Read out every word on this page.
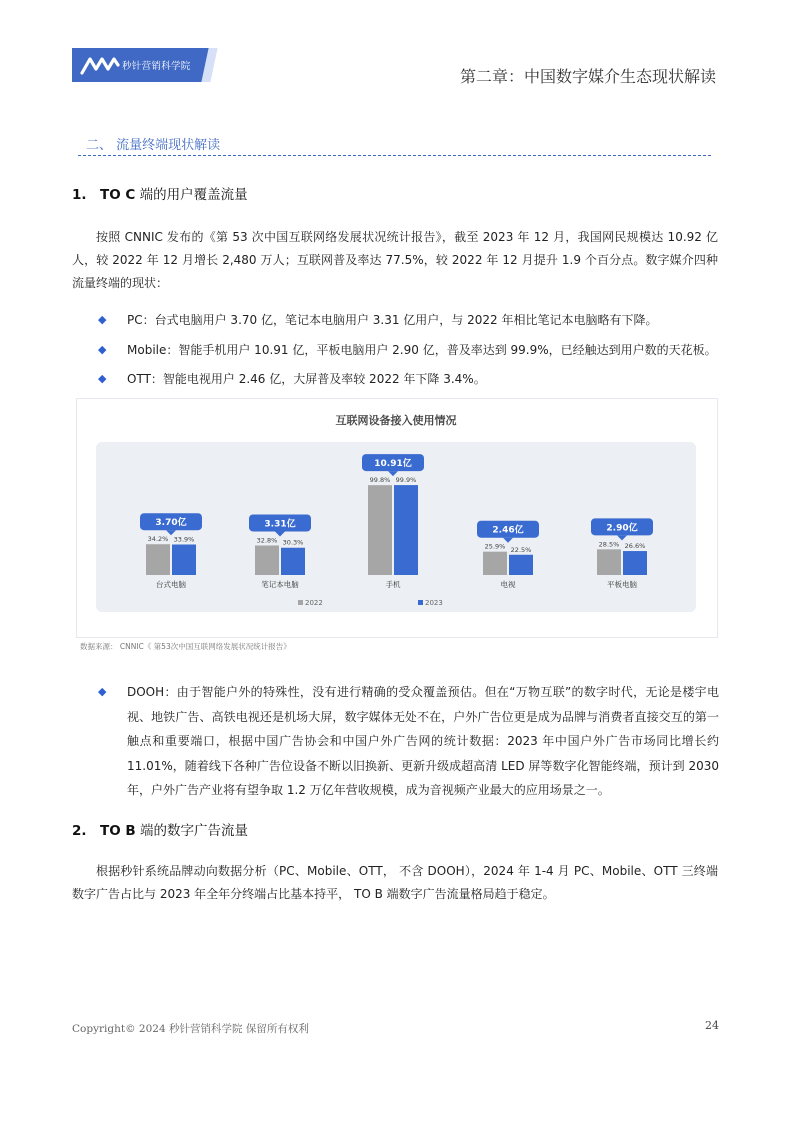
秒针营销科学院
第二章：中国数字媒介生态现状解读
二、 流量终端现状解读
1. TO C 端的用户覆盖流量
按照 CNNIC 发布的《第 53 次中国互联网络发展状况统计报告》，截至 2023 年 12 月，我国网民规模达 10.92 亿人，较 2022 年 12 月增长 2,480 万人；互联网普及率达 77.5%，较 2022 年 12 月提升 1.9 个百分点。数字媒介四种流量终端的现状：
◆ PC：台式电脑用户 3.70 亿，笔记本电脑用户 3.31 亿用户，与 2022 年相比笔记本电脑略有下降。
◆ Mobile：智能手机用户 10.91 亿，平板电脑用户 2.90 亿，普及率达到 99.9%，已经触达到用户数的天花板。
◆ OTT：智能电视用户 2.46 亿，大屏普及率较 2022 年下降 3.4%。
互联网设备接入使用情况
34.2% 33.9%
3.70亿
台式电脑
32.8% 30.3%
3.31亿
笔记本电脑
99.8% 99.9%
10.91亿
手机
25.9% 22.5%
2.46亿
电视
28.5% 26.6%
2.90亿
平板电脑
2022	2023
数据来源： CNNIC《 第53次中国互联网络发展状况统计报告》
◆ DOOH：由于智能户外的特殊性，没有进行精确的受众覆盖预估。但在“万物互联”的数字时代，无论是楼宇电视、地铁广告、高铁电视还是机场大屏，数字媒体无处不在，户外广告位更是成为品牌与消费者直接交互的第一触点和重要端口，根据中国广告协会和中国户外广告网的统计数据：2023 年中国户外广告市场同比增长约 11.01%，随着线下各种广告位设备不断以旧换新、更新升级成超高清 LED 屏等数字化智能终端，预计到 2030 年，户外广告产业将有望争取 1.2 万亿年营收规模，成为音视频产业最大的应用场景之一。
2. TO B 端的数字广告流量
根据秒针系统品牌动向数据分析（PC、Mobile、OTT， 不含 DOOH），2024 年 1-4 月 PC、Mobile、OTT 三终端数字广告占比与 2023 年全年分终端占比基本持平， TO B 端数字广告流量格局趋于稳定。
Copyright© 2024 秒针营销科学院 保留所有权利	24
